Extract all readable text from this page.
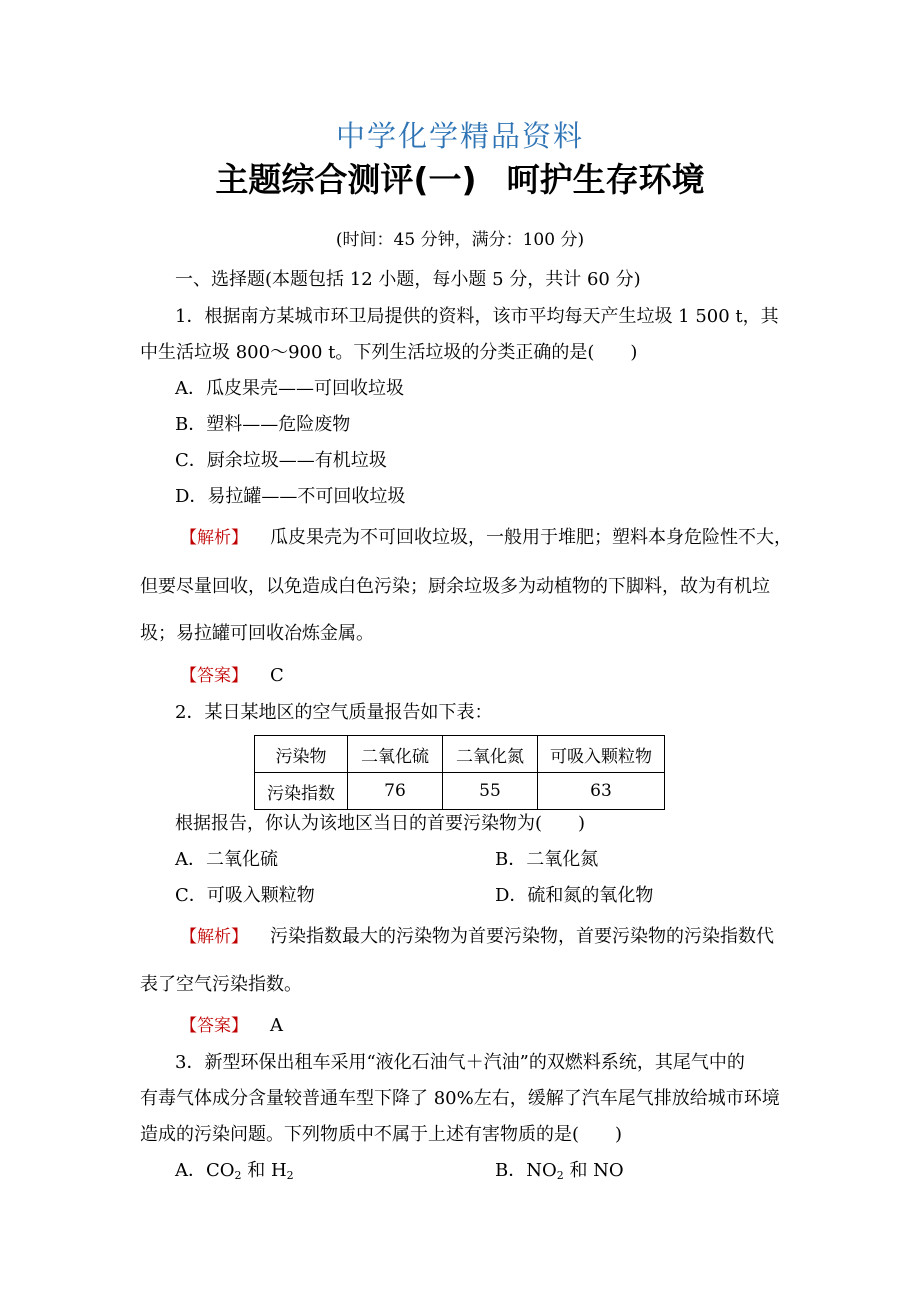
中学化学精品资料
主题综合测评(一) 呵护生存环境
(时间：45 分钟，满分：100 分)
一、选择题(本题包括 12 小题，每小题 5 分，共计 60 分)
1．根据南方某城市环卫局提供的资料，该市平均每天产生垃圾 1 500 t，其
中生活垃圾 800～900 t。下列生活垃圾的分类正确的是(　　)
A．瓜皮果壳——可回收垃圾
B．塑料——危险废物
C．厨余垃圾——有机垃圾
D．易拉罐——不可回收垃圾
【解析】 瓜皮果壳为不可回收垃圾，一般用于堆肥；塑料本身危险性不大，
但要尽量回收，以免造成白色污染；厨余垃圾多为动植物的下脚料，故为有机垃
圾；易拉罐可回收冶炼金属。
【答案】 C
2．某日某地区的空气质量报告如下表：
污染物	二氧化硫	二氧化氮	可吸入颗粒物
污染指数	76	55	63
根据报告，你认为该地区当日的首要污染物为(　　)
A．二氧化硫	B．二氧化氮
C．可吸入颗粒物	D．硫和氮的氧化物
【解析】 污染指数最大的污染物为首要污染物，首要污染物的污染指数代
表了空气污染指数。
【答案】 A
3．新型环保出租车采用“液化石油气＋汽油”的双燃料系统，其尾气中的
有毒气体成分含量较普通车型下降了 80%左右，缓解了汽车尾气排放给城市环境
造成的污染问题。下列物质中不属于上述有害物质的是(　　)
A．$CO_2$ 和 $H_2$	B．$NO_2$ 和 NO
